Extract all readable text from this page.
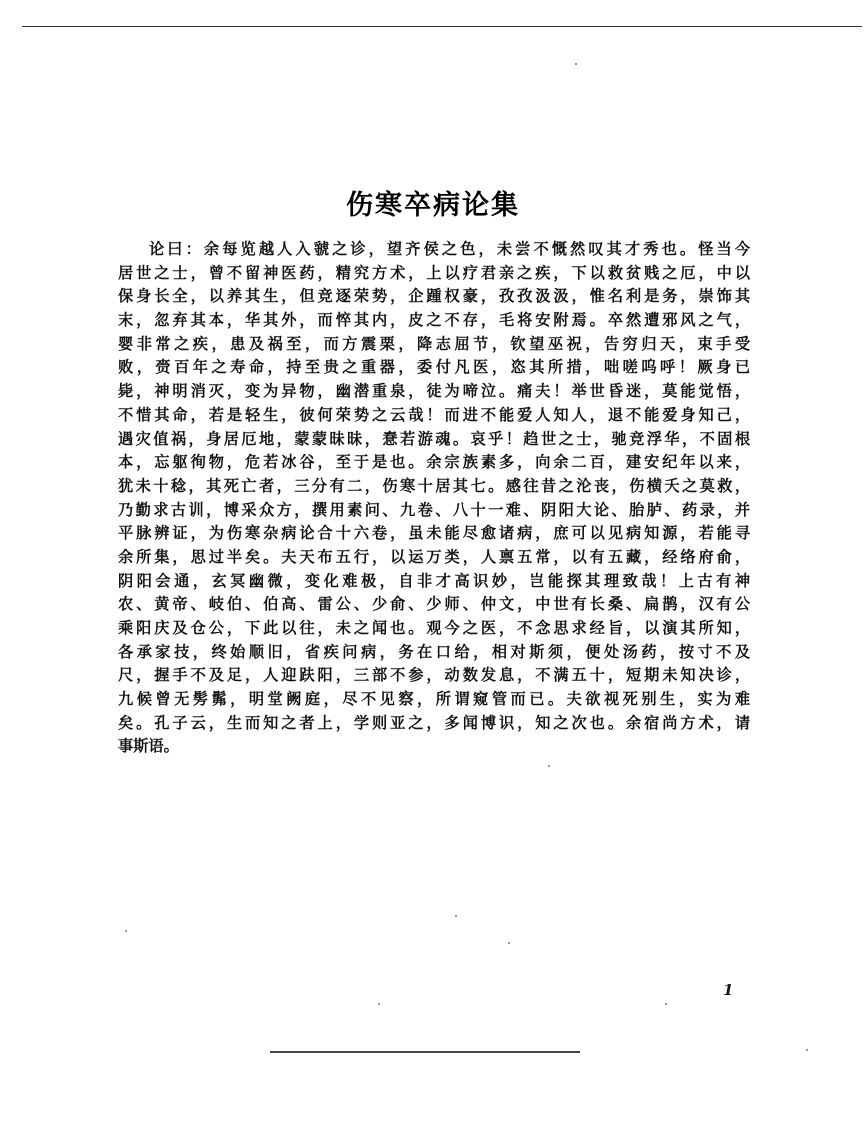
伤寒卒病论集
论曰：余每览越人入虢之诊，望齐侯之色，未尝不慨然叹其才秀也。怪当今
居世之士，曾不留神医药，精究方术，上以疗君亲之疾，下以救贫贱之厄，中以
保身长全，以养其生，但竞逐荣势，企踵权豪，孜孜汲汲，惟名利是务，崇饰其
末，忽弃其本，华其外，而悴其内，皮之不存，毛将安附焉。卒然遭邪风之气，
婴非常之疾，患及祸至，而方震栗，降志屈节，钦望巫祝，告穷归天，束手受
败，赍百年之寿命，持至贵之重器，委付凡医，恣其所措，咄嗟呜呼！厥身已
毙，神明消灭，变为异物，幽潜重泉，徒为啼泣。痛夫！举世昏迷，莫能觉悟，
不惜其命，若是轻生，彼何荣势之云哉！而进不能爱人知人，退不能爱身知己，
遇灾值祸，身居厄地，蒙蒙昧昧，惷若游魂。哀乎！趋世之士，驰竞浮华，不固根
本，忘躯徇物，危若冰谷，至于是也。余宗族素多，向余二百，建安纪年以来，
犹未十稔，其死亡者，三分有二，伤寒十居其七。感往昔之沦丧，伤横夭之莫救，
乃勤求古训，博采众方，撰用素问、九卷、八十一难、阴阳大论、胎胪、药录，并
平脉辨证，为伤寒杂病论合十六卷，虽未能尽愈诸病，庶可以见病知源，若能寻
余所集，思过半矣。夫天布五行，以运万类，人禀五常，以有五藏，经络府俞，
阴阳会通，玄冥幽微，变化难极，自非才高识妙，岂能探其理致哉！上古有神
农、黄帝、岐伯、伯高、雷公、少俞、少师、仲文，中世有长桑、扁鹊，汉有公
乘阳庆及仓公，下此以往，未之闻也。观今之医，不念思求经旨，以演其所知，
各承家技，终始顺旧，省疾问病，务在口给，相对斯须，便处汤药，按寸不及
尺，握手不及足，人迎趺阳，三部不参，动数发息，不满五十，短期未知决诊，
九候曾无髣髴，明堂阙庭，尽不见察，所谓窥管而已。夫欲视死别生，实为难
矣。孔子云，生而知之者上，学则亚之，多闻博识，知之次也。余宿尚方术，请
事斯语。
1
